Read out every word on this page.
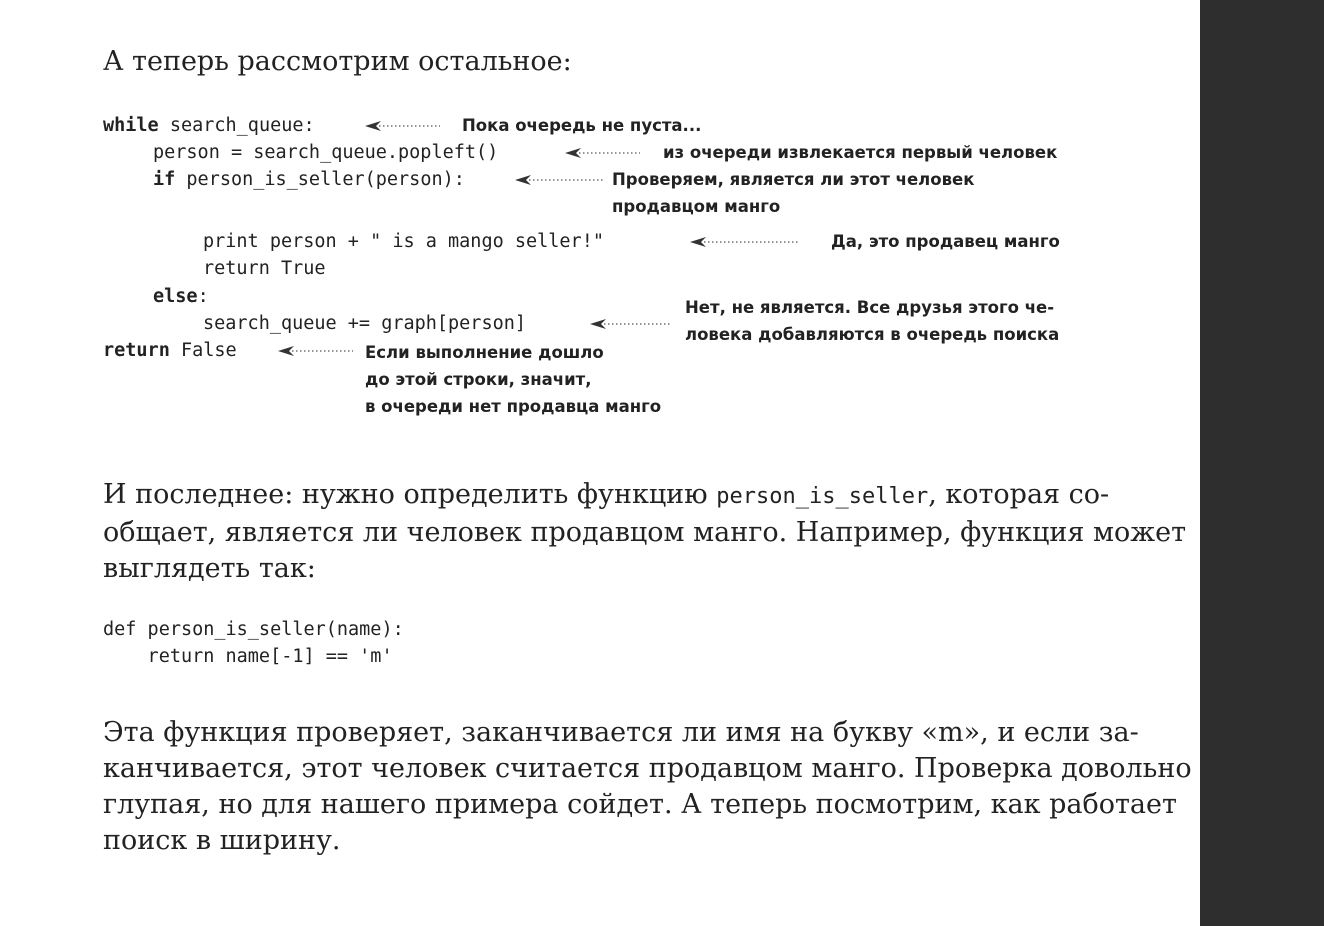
А теперь рассмотрим остальное:

while search_queue:
person = search_queue.popleft()
if person_is_seller(person):
print person + " is a mango seller!"
return True
else:
search_queue += graph[person]
return False
Пока очередь не пуста...
из очереди извлекается первый человек
Проверяем, является ли этот человек
продавцом манго
Да, это продавец манго
Нет, не является. Все друзья этого че-
ловека добавляются в очередь поиска
Если выполнение дошло
до этой строки, значит,
в очереди нет продавца манго

И последнее: нужно определить функцию person_is_seller, которая со-
общает, является ли человек продавцом манго. Например, функция может
выглядеть так:

def person_is_seller(name):
return name[-1] == 'm'

Эта функция проверяет, заканчивается ли имя на букву «m», и если за-
канчивается, этот человек считается продавцом манго. Проверка довольно
глупая, но для нашего примера сойдет. А теперь посмотрим, как работает
поиск в ширину.
